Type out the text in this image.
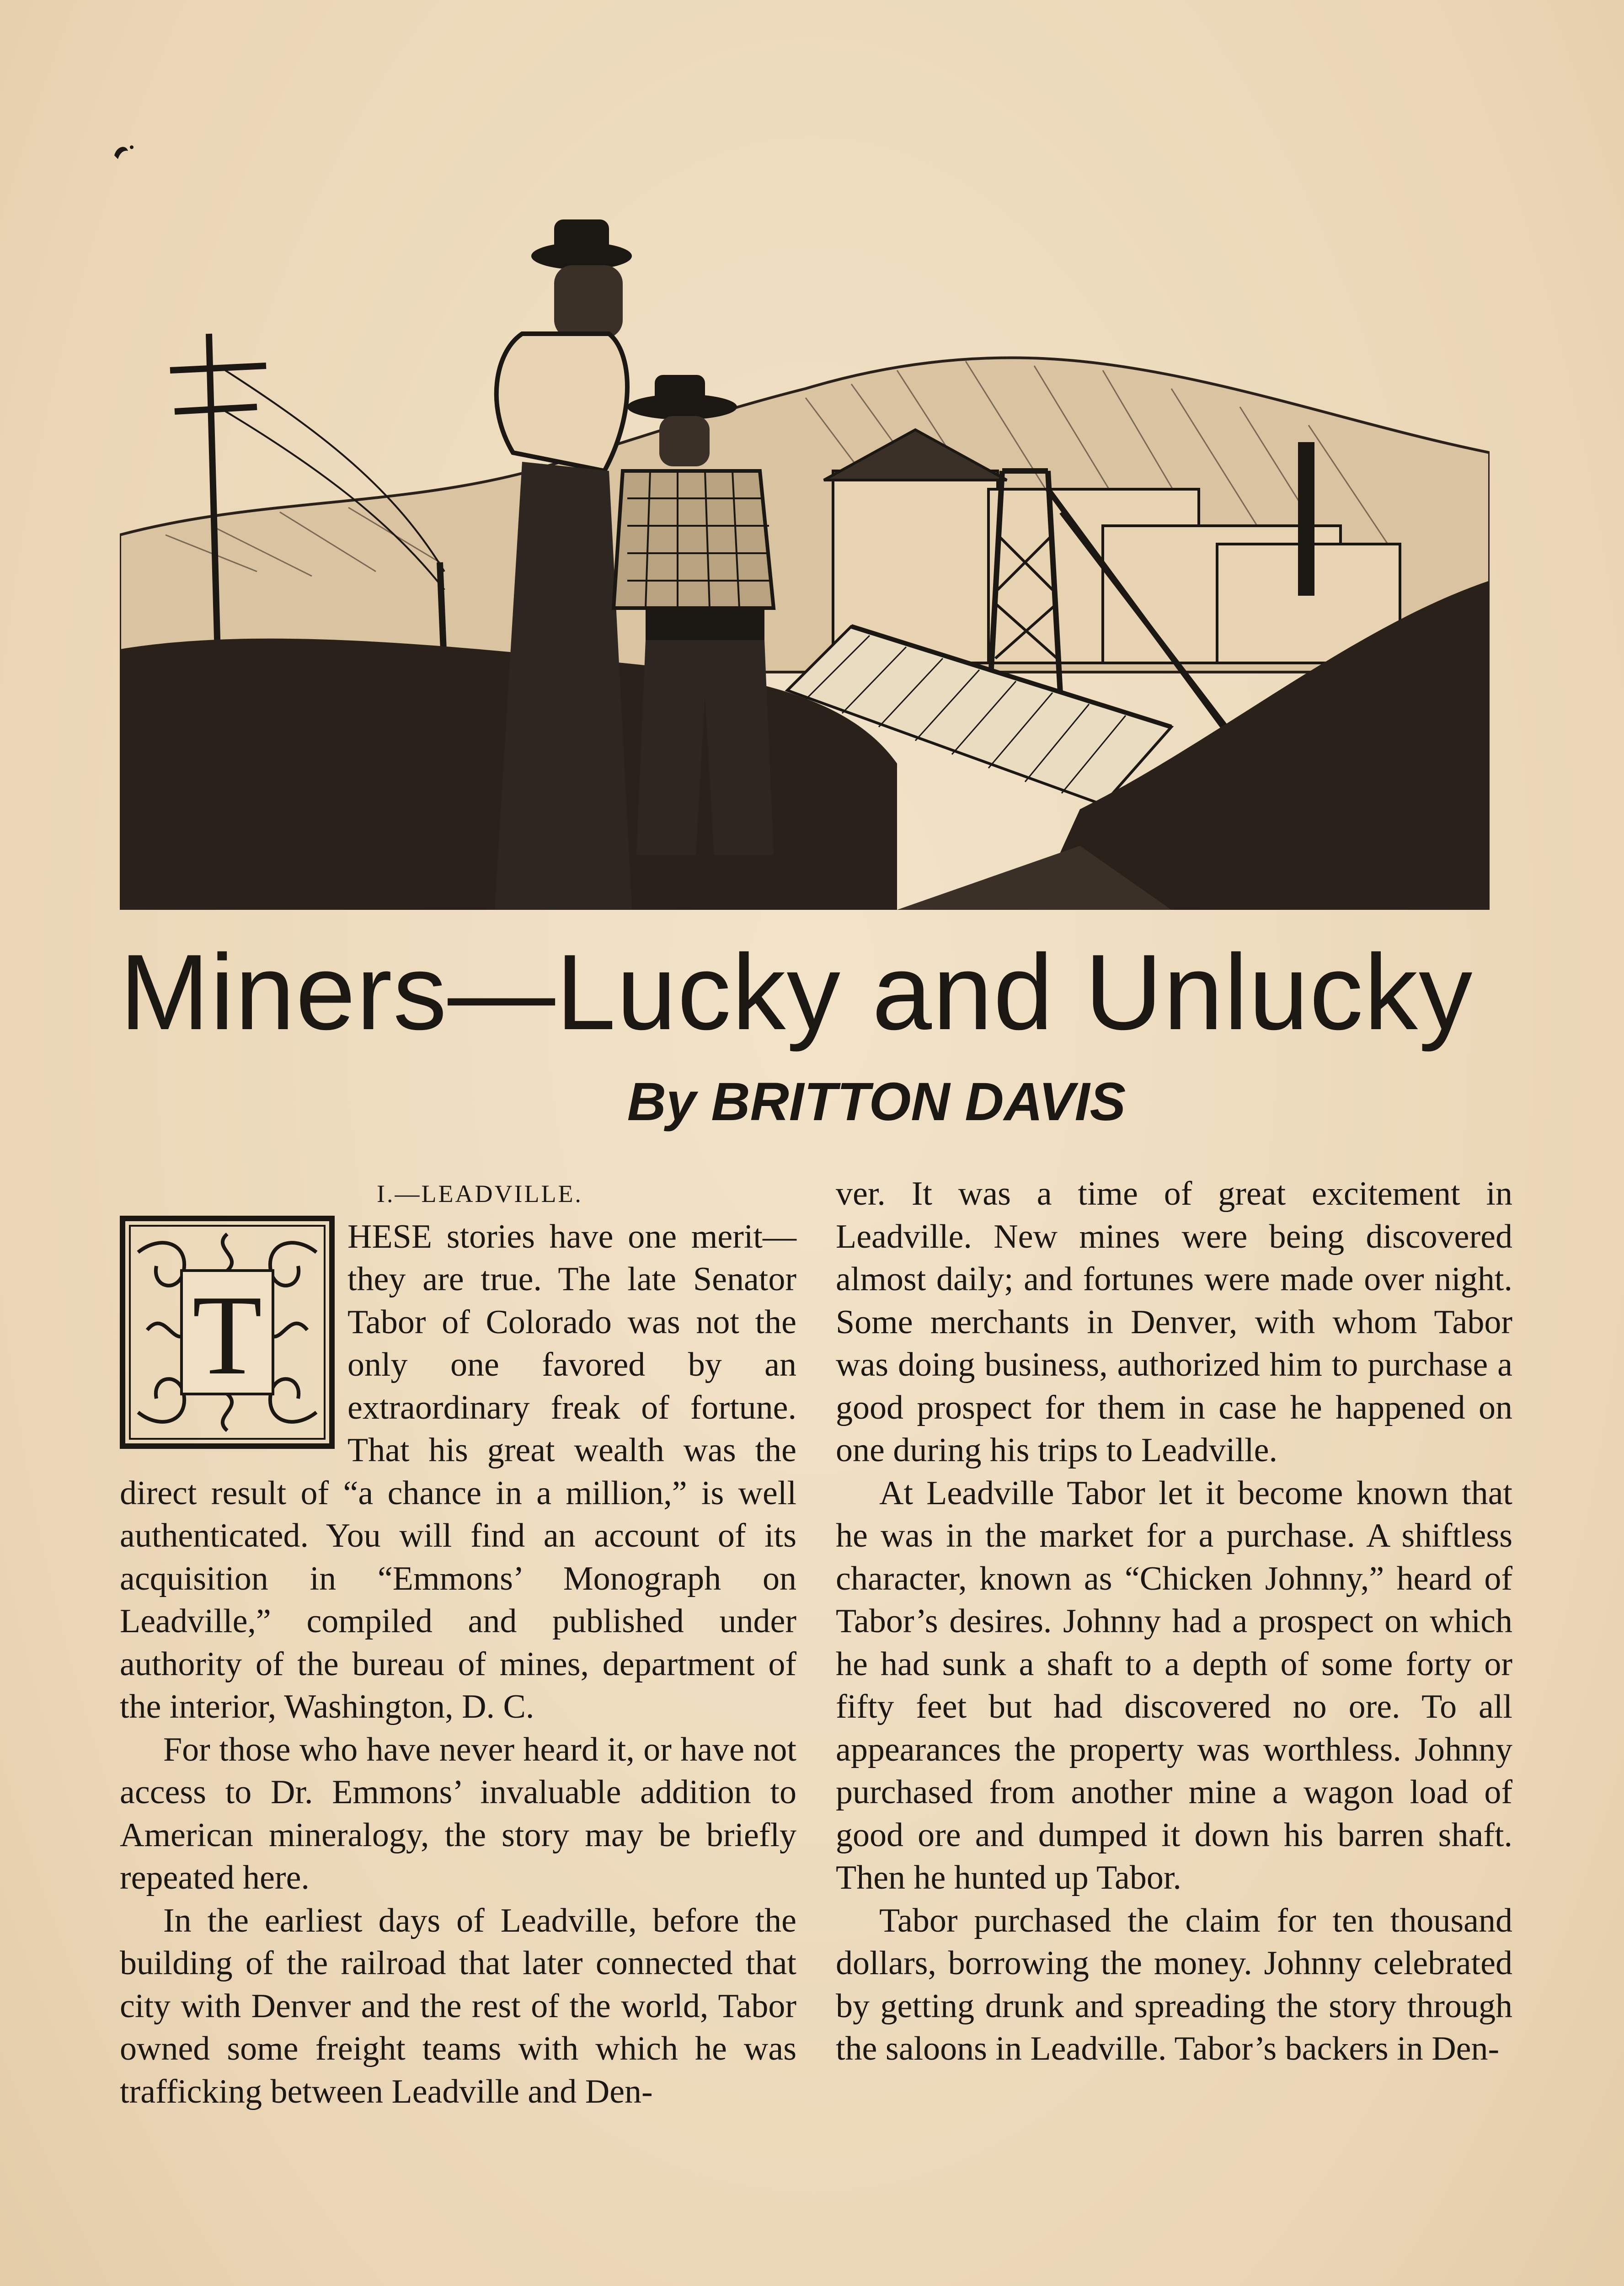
Miners—Lucky and Unlucky
By BRITTON DAVIS

I.—LEADVILLE.

T

HESE stories have one merit—they are true. The late Senator Tabor of Colorado was not the only one favored by an extraordinary freak of fortune. That his great wealth was the direct result of “a chance in a million,” is well authenticated. You will find an account of its acquisition in “Emmons’ Monograph on Leadville,” compiled and published under authority of the bureau of mines, department of the interior, Washington, D. C.

For those who have never heard it, or have not access to Dr. Emmons’ invaluable addition to American mineralogy, the story may be briefly repeated here.

In the earliest days of Leadville, before the building of the railroad that later connected that city with Denver and the rest of the world, Tabor owned some freight teams with which he was trafficking between Leadville and Den-

ver. It was a time of great excitement in Leadville. New mines were being discovered almost daily; and fortunes were made over night. Some merchants in Denver, with whom Tabor was doing business, authorized him to purchase a good prospect for them in case he happened on one during his trips to Leadville.

At Leadville Tabor let it become known that he was in the market for a purchase. A shiftless character, known as “Chicken Johnny,” heard of Tabor’s desires. Johnny had a prospect on which he had sunk a shaft to a depth of some forty or fifty feet but had discovered no ore. To all appearances the property was worthless. Johnny purchased from another mine a wagon load of good ore and dumped it down his barren shaft. Then he hunted up Tabor.

Tabor purchased the claim for ten thousand dollars, borrowing the money. Johnny celebrated by getting drunk and spreading the story through the saloons in Leadville. Tabor’s backers in Den-
